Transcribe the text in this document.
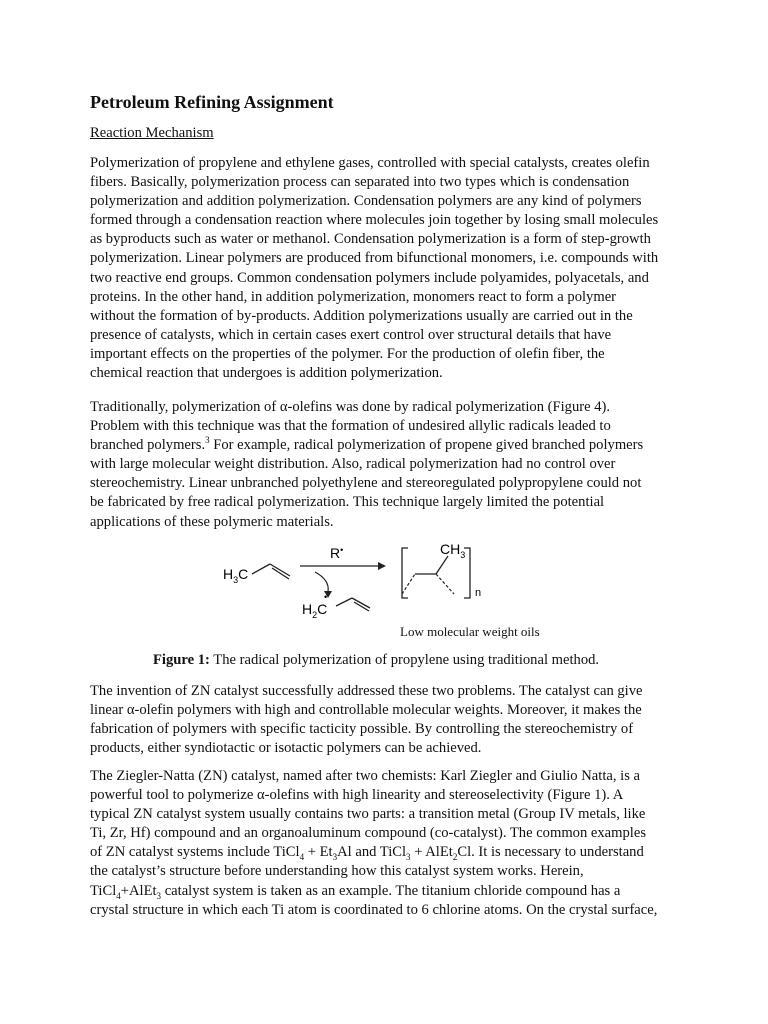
Petroleum Refining Assignment
Reaction Mechanism
Polymerization of propylene and ethylene gases, controlled with special catalysts, creates olefin
fibers. Basically, polymerization process can separated into two types which is condensation
polymerization and addition polymerization. Condensation polymers are any kind of polymers
formed through a condensation reaction where molecules join together by losing small molecules
as byproducts such as water or methanol. Condensation polymerization is a form of step-growth
polymerization. Linear polymers are produced from bifunctional monomers, i.e. compounds with
two reactive end groups. Common condensation polymers include polyamides, polyacetals, and
proteins. In the other hand, in addition polymerization, monomers react to form a polymer
without the formation of by-products. Addition polymerizations usually are carried out in the
presence of catalysts, which in certain cases exert control over structural details that have
important effects on the properties of the polymer. For the production of olefin fiber, the
chemical reaction that undergoes is addition polymerization.
Traditionally, polymerization of α-olefins was done by radical polymerization (Figure 4).
Problem with this technique was that the formation of undesired allylic radicals leaded to
branched polymers.$^3$ For example, radical polymerization of propene gived branched polymers
with large molecular weight distribution. Also, radical polymerization had no control over
stereochemistry. Linear unbranched polyethylene and stereoregulated polypropylene could not
be fabricated by free radical polymerization. This technique largely limited the potential
applications of these polymeric materials.
$H_3C$
R•
$H_2C$
•
$CH_3$
n
Low molecular weight oils
Figure 1: The radical polymerization of propylene using traditional method.
The invention of ZN catalyst successfully addressed these two problems. The catalyst can give
linear α-olefin polymers with high and controllable molecular weights. Moreover, it makes the
fabrication of polymers with specific tacticity possible. By controlling the stereochemistry of
products, either syndiotactic or isotactic polymers can be achieved.
The Ziegler-Natta (ZN) catalyst, named after two chemists: Karl Ziegler and Giulio Natta, is a
powerful tool to polymerize α-olefins with high linearity and stereoselectivity (Figure 1). A
typical ZN catalyst system usually contains two parts: a transition metal (Group IV metals, like
Ti, Zr, Hf) compound and an organoaluminum compound (co-catalyst). The common examples
of ZN catalyst systems include TiCl$_4$ + $Et_3Al$ and TiCl$_3$ + AlEt$_2$Cl. It is necessary to understand
the catalyst’s structure before understanding how this catalyst system works. Herein,
TiCl$_4$+AlEt$_3$ catalyst system is taken as an example. The titanium chloride compound has a
crystal structure in which each Ti atom is coordinated to 6 chlorine atoms. On the crystal surface,
